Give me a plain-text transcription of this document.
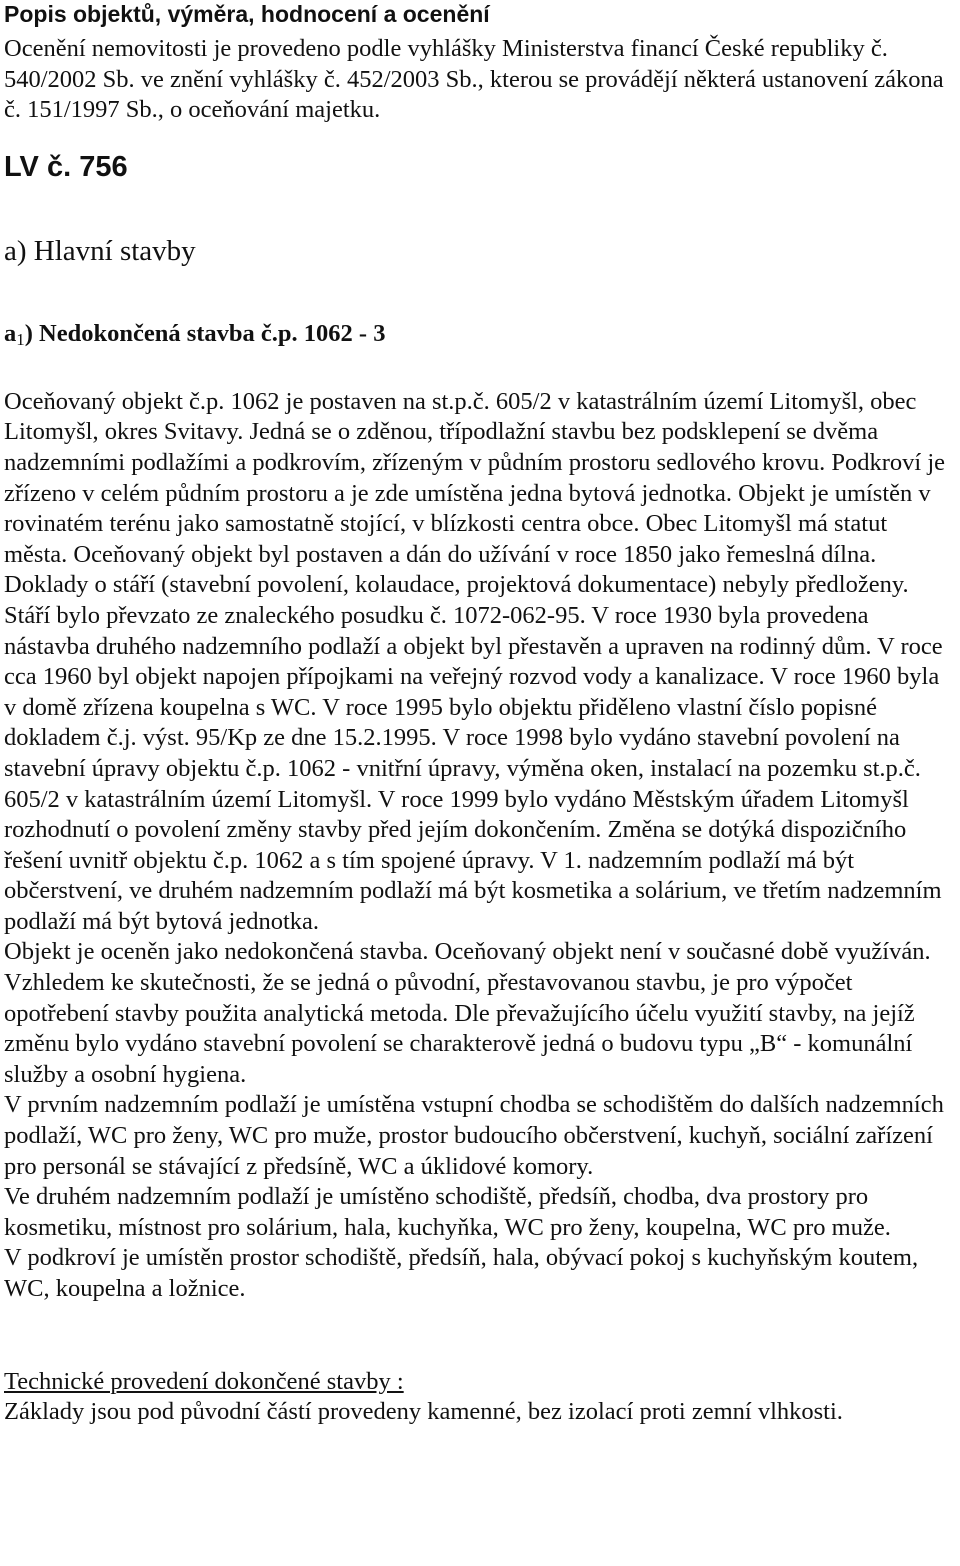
Popis objektů, výměra, hodnocení a ocenění

Ocenění nemovitosti je provedeno podle vyhlášky Ministerstva financí České republiky č. 540/2002 Sb. ve znění vyhlášky č. 452/2003 Sb., kterou se provádějí některá ustanovení zákona č. 151/1997 Sb., o oceňování majetku.

LV č. 756
a) Hlavní stavby
$a_1$) Nedokončená stavba č.p. 1062 - 3

Oceňovaný objekt č.p. 1062 je postaven na st.p.č. 605/2 v katastrálním území Litomyšl, obec Litomyšl, okres Svitavy. Jedná se o zděnou, třípodlažní stavbu bez podsklepení se dvěma nadzemními podlažími a podkrovím, zřízeným v půdním prostoru sedlového krovu. Podkroví je zřízeno v celém půdním prostoru a je zde umístěna jedna bytová jednotka. Objekt je umístěn v rovinatém terénu jako samostatně stojící, v blízkosti centra obce. Obec Litomyšl má statut města. Oceňovaný objekt byl postaven a dán do užívání v roce 1850 jako řemeslná dílna. Doklady o stáří (stavební povolení, kolaudace, projektová dokumentace) nebyly předloženy. Stáří bylo převzato ze znaleckého posudku č. 1072-062-95. V roce 1930 byla provedena nástavba druhého nadzemního podlaží a objekt byl přestavěn a upraven na rodinný dům. V roce cca 1960 byl objekt napojen přípojkami na veřejný rozvod vody a kanalizace. V roce 1960 byla v domě zřízena koupelna s WC. V roce 1995 bylo objektu přiděleno vlastní číslo popisné dokladem č.j. výst. 95/Kp ze dne 15.2.1995. V roce 1998 bylo vydáno stavební povolení na stavební úpravy objektu č.p. 1062 - vnitřní úpravy, výměna oken, instalací na pozemku st.p.č. 605/2 v katastrálním území Litomyšl. V roce 1999 bylo vydáno Městským úřadem Litomyšl rozhodnutí o povolení změny stavby před jejím dokončením. Změna se dotýká dispozičního řešení uvnitř objektu č.p. 1062 a s tím spojené úpravy. V 1. nadzemním podlaží má být občerstvení, ve druhém nadzemním podlaží má být kosmetika a solárium, ve třetím nadzemním podlaží má být bytová jednotka.

Objekt je oceněn jako nedokončená stavba. Oceňovaný objekt není v současné době využíván. Vzhledem ke skutečnosti, že se jedná o původní, přestavovanou stavbu, je pro výpočet opotřebení stavby použita analytická metoda. Dle převažujícího účelu využití stavby, na jejíž změnu bylo vydáno stavební povolení se charakterově jedná o budovu typu „B“ - komunální služby a osobní hygiena.

V prvním nadzemním podlaží je umístěna vstupní chodba se schodištěm do dalších nadzemních podlaží, WC pro ženy, WC pro muže, prostor budoucího občerstvení, kuchyň, sociální zařízení pro personál se stávající z předsíně, WC a úklidové komory.

Ve druhém nadzemním podlaží je umístěno schodiště, předsíň, chodba, dva prostory pro kosmetiku, místnost pro solárium, hala, kuchyňka, WC pro ženy, koupelna, WC pro muže.

V podkroví je umístěn prostor schodiště, předsíň, hala, obývací pokoj s kuchyňským koutem, WC, koupelna a ložnice.

Technické provedení dokončené stavby :

Základy jsou pod původní částí provedeny kamenné, bez izolací proti zemní vlhkosti.
